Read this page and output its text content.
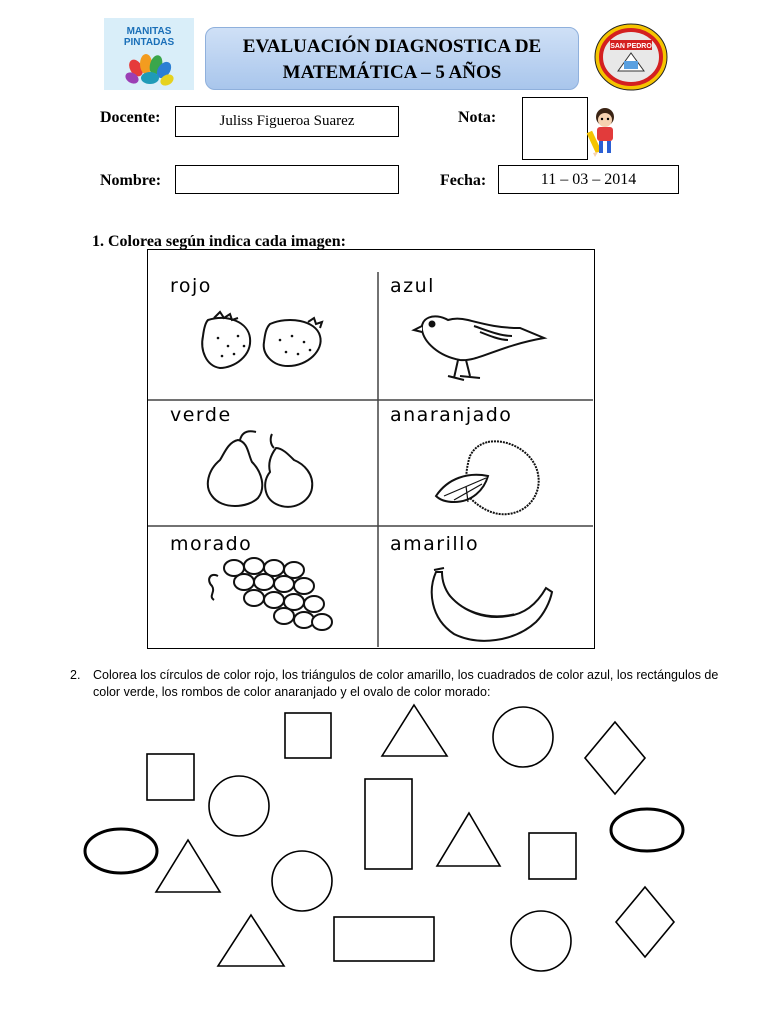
MANITAS
PINTADAS	EVALUACIÓN DIAGNOSTICA DE
MATEMÁTICA – 5 AÑOS
SAN PEDRO
Docente:	Juliss Figueroa Suarez	Nota:
Nombre:	Fecha:	11 – 03 – 2014
1. Colorea según indica cada imagen:
rojo	azul
verde	anaranjado
morado	amarillo
2. Colorea los círculos de color rojo, los triángulos de color amarillo, los cuadrados de color azul, los rectángulos de color verde, los rombos de color anaranjado y el ovalo de color morado:
